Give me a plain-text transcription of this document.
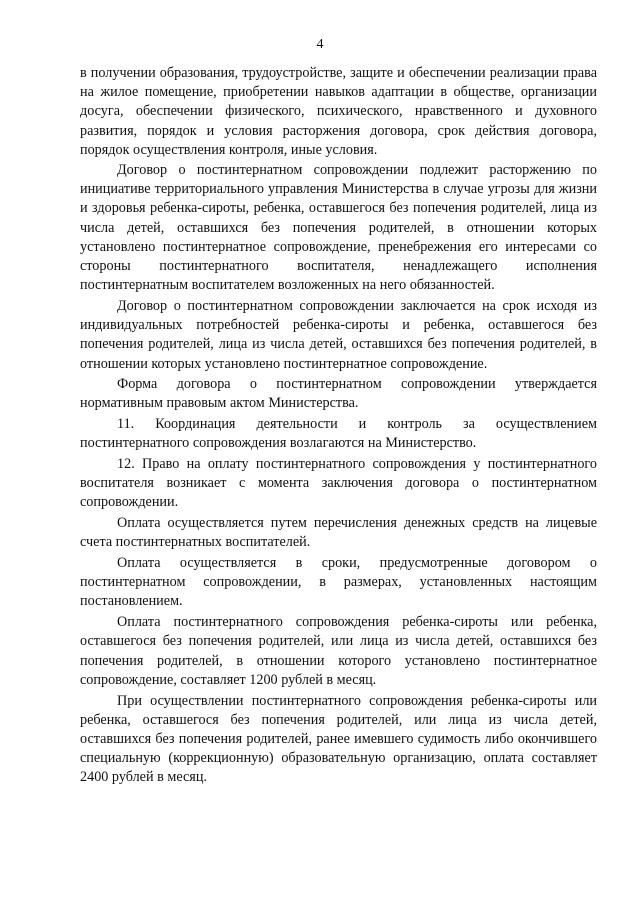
4

в получении образования, трудоустройстве, защите и обеспечении реализации права на жилое помещение, приобретении навыков адаптации в обществе, организации досуга, обеспечении физического, психического, нравственного и духовного развития, порядок и условия расторжения договора, срок действия договора, порядок осуществления контроля, иные условия.

Договор о постинтернатном сопровождении подлежит расторжению по инициативе территориального управления Министерства в случае угрозы для жизни и здоровья ребенка-сироты, ребенка, оставшегося без попечения родителей, лица из числа детей, оставшихся без попечения родителей, в отношении которых установлено постинтернатное сопровождение, пренебрежения его интересами со стороны постинтернатного воспитателя, ненадлежащего исполнения постинтернатным воспитателем возложенных на него обязанностей.

Договор о постинтернатном сопровождении заключается на срок исходя из индивидуальных потребностей ребенка-сироты и ребенка, оставшегося без попечения родителей, лица из числа детей, оставшихся без попечения родителей, в отношении которых установлено постинтернатное сопровождение.

Форма договора о постинтернатном сопровождении утверждается нормативным правовым актом Министерства.

11. Координация деятельности и контроль за осуществлением постинтернатного сопровождения возлагаются на Министерство.

12. Право на оплату постинтернатного сопровождения у постинтернатного воспитателя возникает с момента заключения договора о постинтернатном сопровождении.

Оплата осуществляется путем перечисления денежных средств на лицевые счета постинтернатных воспитателей.

Оплата осуществляется в сроки, предусмотренные договором о постинтернатном сопровождении, в размерах, установленных настоящим постановлением.

Оплата постинтернатного сопровождения ребенка-сироты или ребенка, оставшегося без попечения родителей, или лица из числа детей, оставшихся без попечения родителей, в отношении которого установлено постинтернатное сопровождение, составляет 1200 рублей в месяц.

При осуществлении постинтернатного сопровождения ребенка-сироты или ребенка, оставшегося без попечения родителей, или лица из числа детей, оставшихся без попечения родителей, ранее имевшего судимость либо окончившего специальную (коррекционную) образовательную организацию, оплата составляет 2400 рублей в месяц.
